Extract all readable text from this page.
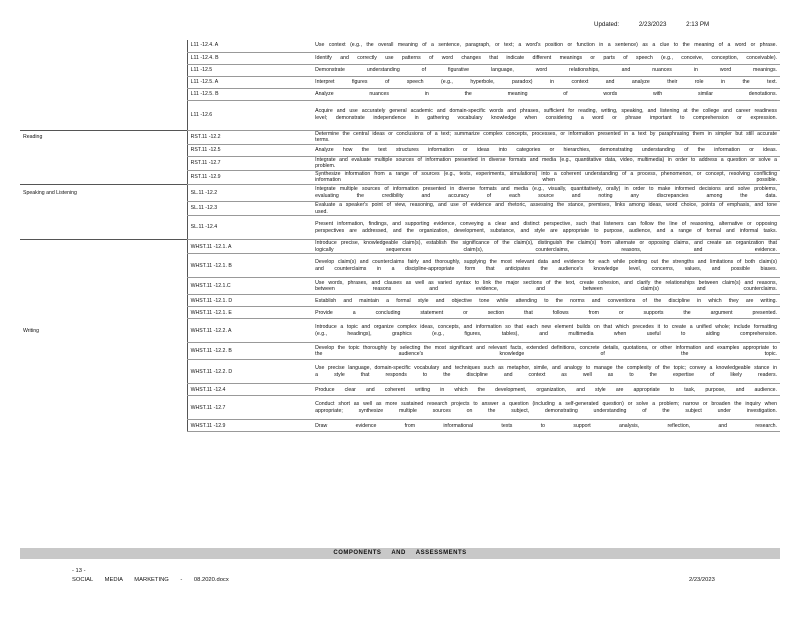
Updated:	2/23/2023	2:13 PM
	L11 -12.4. A	Use context (e.g., the overall meaning of a sentence, paragraph, or text; a word's position or function in a sentence) as a clue to the meaning of a word or phrase.

	L11 -12.4. B	Identify and correctly use patterns of word changes that indicate different meanings or parts of speech (e.g., conceive, conception, conceivable).

	L11 -12.5	Demonstrate understanding of figurative language, word relationships, and nuances in word meanings.

	L11 -12.5. A	Interpret figures of speech (e.g., hyperbole, paradox) in context and analyze their role in the text.

	L11 -12.5. B	Analyze nuances in the meaning of words with similar denotations.

	L11 -12.6	Acquire and use accurately general academic and domain-specific words and phrases, sufficient for reading, writing, speaking, and listening at the college and career readiness level; demonstrate independence in gathering vocabulary knowledge when considering a word or phrase important to comprehension or expression.

Reading	RST.11 -12.2	Determine the central ideas or conclusions of a text; summarize complex concepts, processes, or information presented in a text by paraphrasing them in simpler but still accurate terms.

	RST.11 -12.5	Analyze how the text structures information or ideas into categories or hierarchies, demonstrating understanding of the information or ideas.

	RST.11 -12.7	Integrate and evaluate multiple sources of information presented in diverse formats and media (e.g., quantitative data, video, multimedia) in order to address a question or solve a problem.

	RST.11 -12.9	Synthesize information from a range of sources (e.g., texts, experiments, simulations) into a coherent understanding of a process, phenomenon, or concept, resolving conflicting information when possible.

Speaking and Listening	SL.11 -12.2	Integrate multiple sources of information presented in diverse formats and media (e.g., visually, quantitatively, orally) in order to make informed decisions and solve problems, evaluating the credibility and accuracy of each source and noting any discrepancies among the data.

	SL.11 -12.3	Evaluate a speaker's point of view, reasoning, and use of evidence and rhetoric, assessing the stance, premises, links among ideas, word choice, points of emphasis, and tone used.

	SL.11 -12.4	Present information, findings, and supporting evidence, conveying a clear and distinct perspective, such that listeners can follow the line of reasoning, alternative or opposing perspectives are addressed, and the organization, development, substance, and style are appropriate to purpose, audience, and a range of formal and informal tasks.

	WHST.11 -12.1. A	Introduce precise, knowledgeable claim(s), establish the significance of the claim(s), distinguish the claim(s) from alternate or opposing claims, and create an organization that logically sequences claim(s), counterclaims, reasons, and evidence.

	WHST.11 -12.1. B	Develop claim(s) and counterclaims fairly and thoroughly, supplying the most relevant data and evidence for each while pointing out the strengths and limitations of both claim(s) and counterclaims in a discipline-appropriate form that anticipates the audience's knowledge level, concerns, values, and possible biases.

	WHST.11 -12.1.C	Use words, phrases, and clauses as well as varied syntax to link the major sections of the text, create cohesion, and clarify the relationships between claim(s) and reasons, between reasons and evidence, and between claim(s) and counterclaims.

	WHST.11 -12.1. D	Establish and maintain a formal style and objective tone while attending to the norms and conventions of the discipline in which they are writing.

	WHST.11 -12.1. E	Provide a concluding statement or section that follows from or supports the argument presented.

Writing	WHST.11 -12.2. A	Introduce a topic and organize complex ideas, concepts, and information so that each new element builds on that which precedes it to create a unified whole; include formatting (e.g., headings), graphics (e.g., figures, tables), and multimedia when useful to aiding comprehension.

	WHST.11 -12.2. B	Develop the topic thoroughly by selecting the most significant and relevant facts, extended definitions, concrete details, quotations, or other information and examples appropriate to the audience's knowledge of the topic.

	WHST.11 -12.2. D	Use precise language, domain-specific vocabulary and techniques such as metaphor, simile, and analogy to manage the complexity of the topic; convey a knowledgeable stance in a style that responds to the discipline and context as well as to the expertise of likely readers.

	WHST.11 -12.4	Produce clear and coherent writing in which the development, organization, and style are appropriate to task, purpose, and audience.

	WHST.11 -12.7	Conduct short as well as more sustained research projects to answer a question (including a self-generated question) or solve a problem; narrow or broaden the inquiry when appropriate; synthesize multiple sources on the subject, demonstrating understanding of the subject under investigation.

	WHST.11 -12.9	Draw evidence from informational texts to support analysis, reflection, and research.
COMPONENTS AND ASSESSMENTS
- 13 -
SOCIAL MEDIA MARKETING - 08.2020.docx	2/23/2023
